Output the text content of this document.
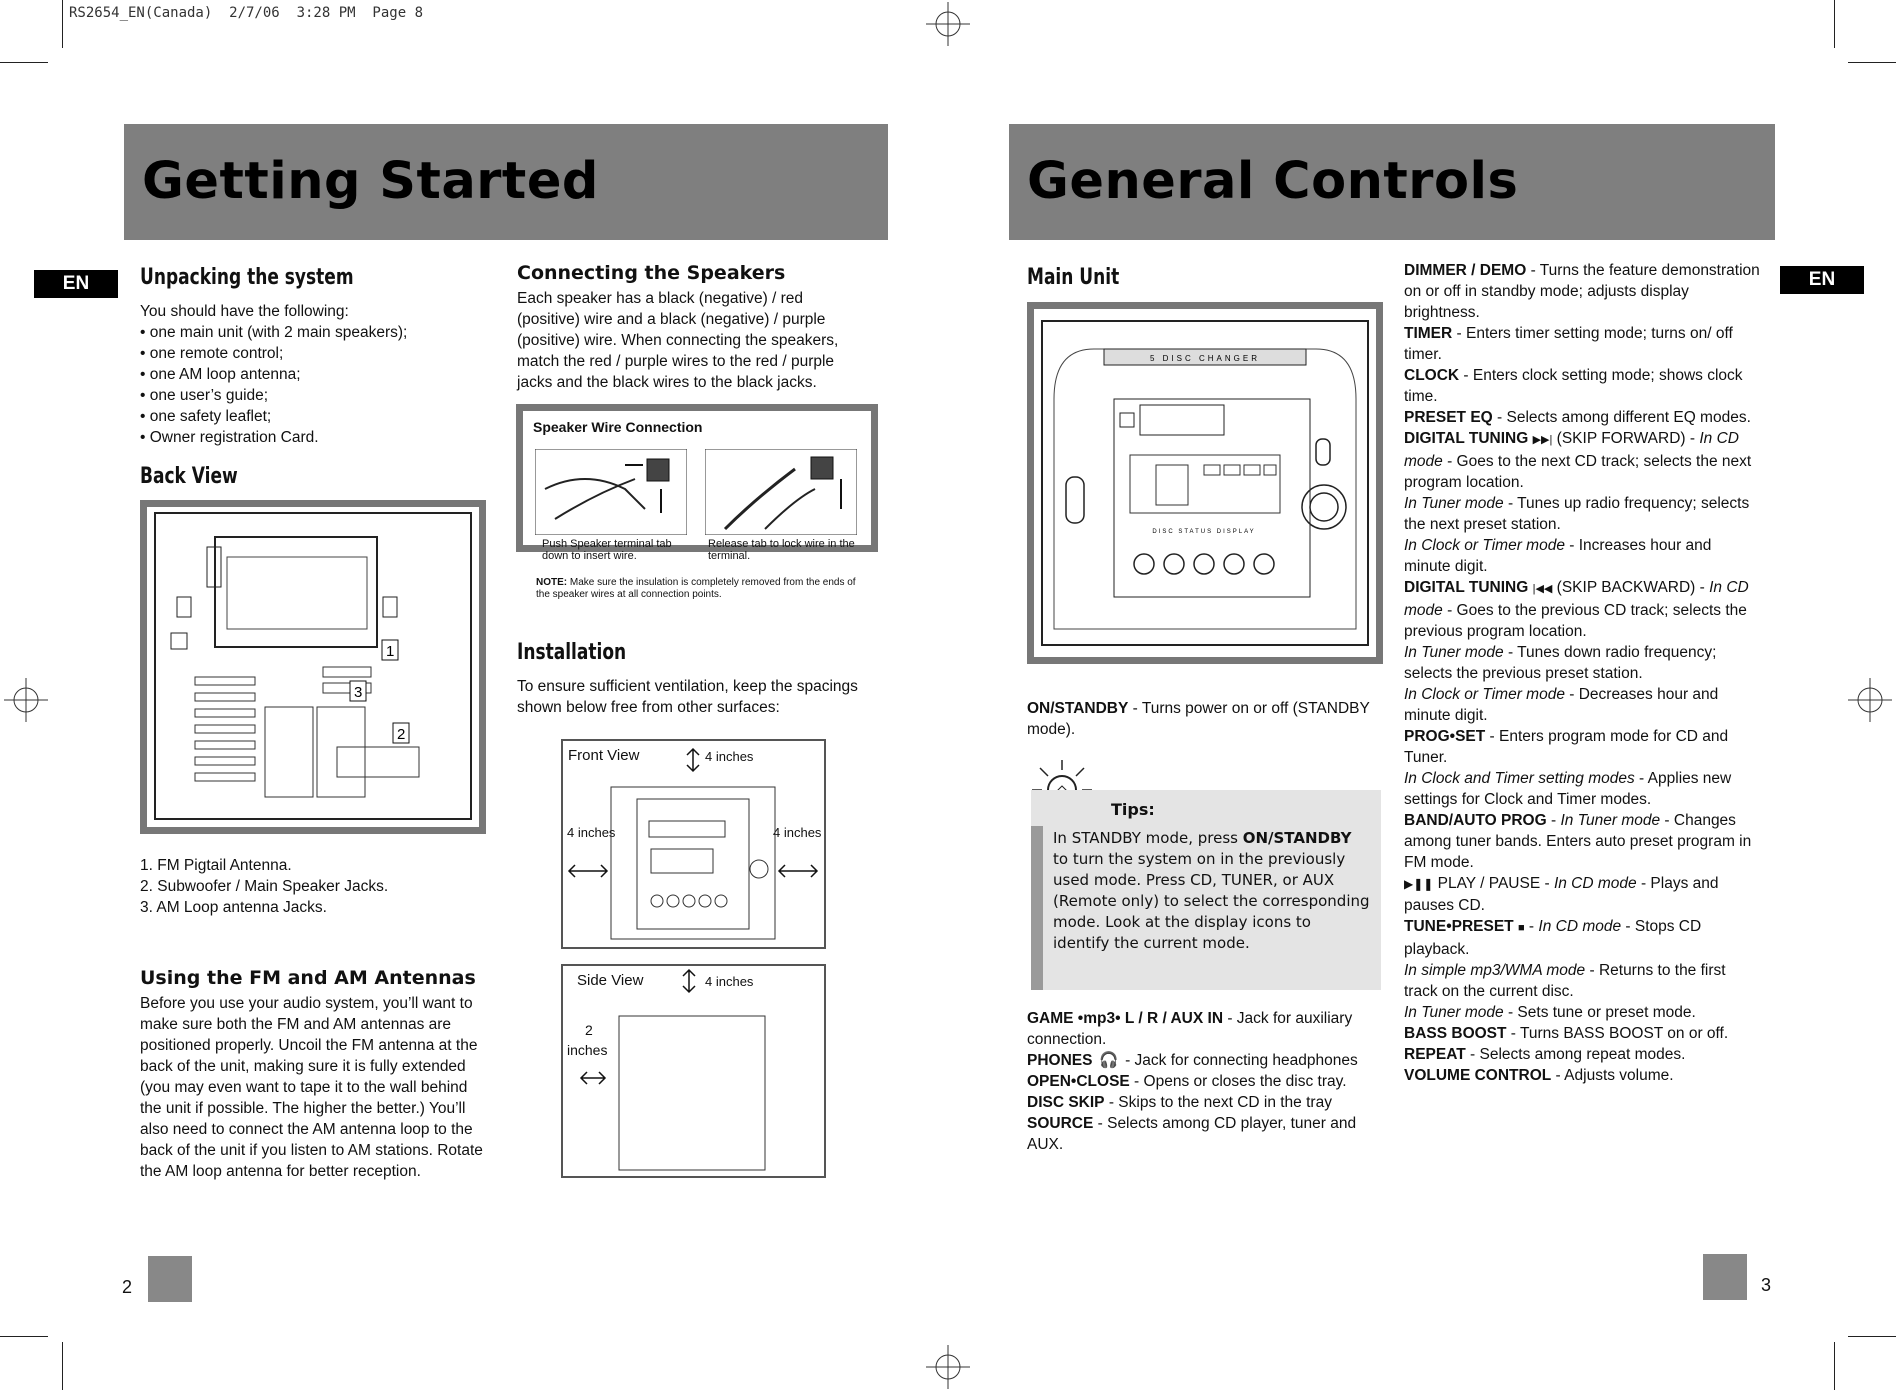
RS2654_EN(Canada)  2/7/06  3:28 PM  Page 8
Getting Started
EN	Unpacking the system

You should have the following:

• one main unit (with 2 main speakers);
• one remote control;
• one AM loop antenna;
• one user’s guide;
• one safety leaflet;
• Owner registration Card.
Back View
1
3
2

1. FM Pigtail Antenna.

2. Subwoofer / Main Speaker Jacks.

3. AM Loop antenna Jacks.

Using the FM and AM Antennas
Before you use your audio system, you’ll want to make sure both the FM and AM antennas are positioned properly. Uncoil the FM antenna at the back of the unit, making sure it is fully extended (you may even want to tape it to the wall behind the unit if possible. The higher the better.) You’ll also need to connect the AM antenna loop to the back of the unit if you listen to AM stations. Rotate the AM loop antenna for better reception.
Connecting the Speakers
Each speaker has a black (negative) / red (positive) wire and a black (negative) / purple (positive) wire. When connecting the speakers, match the red / purple wires to the red / purple jacks and the black wires to the black jacks.
Speaker Wire Connection
Push Speaker terminal tab down to insert wire.
Release tab to lock wire in the terminal.
Installation
To ensure sufficient ventilation, keep the spacings shown below free from other surfaces:
Front View	4 inches
4 inches	4 inches
Side View	4 inches
2
inches
2
General Controls
EN
Main Unit
5 DISC CHANGER
DISC STATUS DISPLAY
ON/STANDBY - Turns power on or off (STANDBY mode).
Tips:
In STANDBY mode, press ON/STANDBY to turn the system on in the previously used mode. Press CD, TUNER, or AUX (Remote only) to select the corresponding mode. Look at the display icons to identify the current mode.

GAME •mp3• L / R / AUX IN - Jack for auxiliary connection.

PHONES 🎧 - Jack for connecting headphones

OPEN•CLOSE - Opens or closes the disc tray.

DISC SKIP - Skips to the next CD in the tray

SOURCE - Selects among CD player, tuner and AUX.

DIMMER / DEMO - Turns the feature demonstration on or off in standby mode; adjusts display brightness.

TIMER - Enters timer setting mode; turns on/ off timer.

CLOCK - Enters clock setting mode; shows clock time.

PRESET EQ - Selects among different EQ modes.

DIGITAL TUNING ▶▶| (SKIP FORWARD) - In CD mode - Goes to the next CD track; selects the next program location.

In Tuner mode - Tunes up radio frequency; selects the next preset station.

In Clock or Timer mode - Increases hour and minute digit.

DIGITAL TUNING |◀◀ (SKIP BACKWARD) - In CD mode - Goes to the previous CD track; selects the previous program location.

In Tuner mode - Tunes down radio frequency; selects the previous preset station.

In Clock or Timer mode - Decreases hour and minute digit.

PROG•SET - Enters program mode for CD and Tuner.

In Clock and Timer setting modes - Applies new settings for Clock and Timer modes.

BAND/AUTO PROG - In Tuner mode - Changes among tuner bands. Enters auto preset program in FM mode.

▶❚❚ PLAY / PAUSE - In CD mode - Plays and pauses CD.

TUNE•PRESET ■ - In CD mode - Stops CD playback.

In simple mp3/WMA mode - Returns to the first track on the current disc.

In Tuner mode - Sets tune or preset mode.

BASS BOOST - Turns BASS BOOST on or off.

REPEAT - Selects among repeat modes.

VOLUME CONTROL - Adjusts volume.

3
NOTE: Make sure the insulation is completely removed from the ends of the speaker wires at all connection points.
